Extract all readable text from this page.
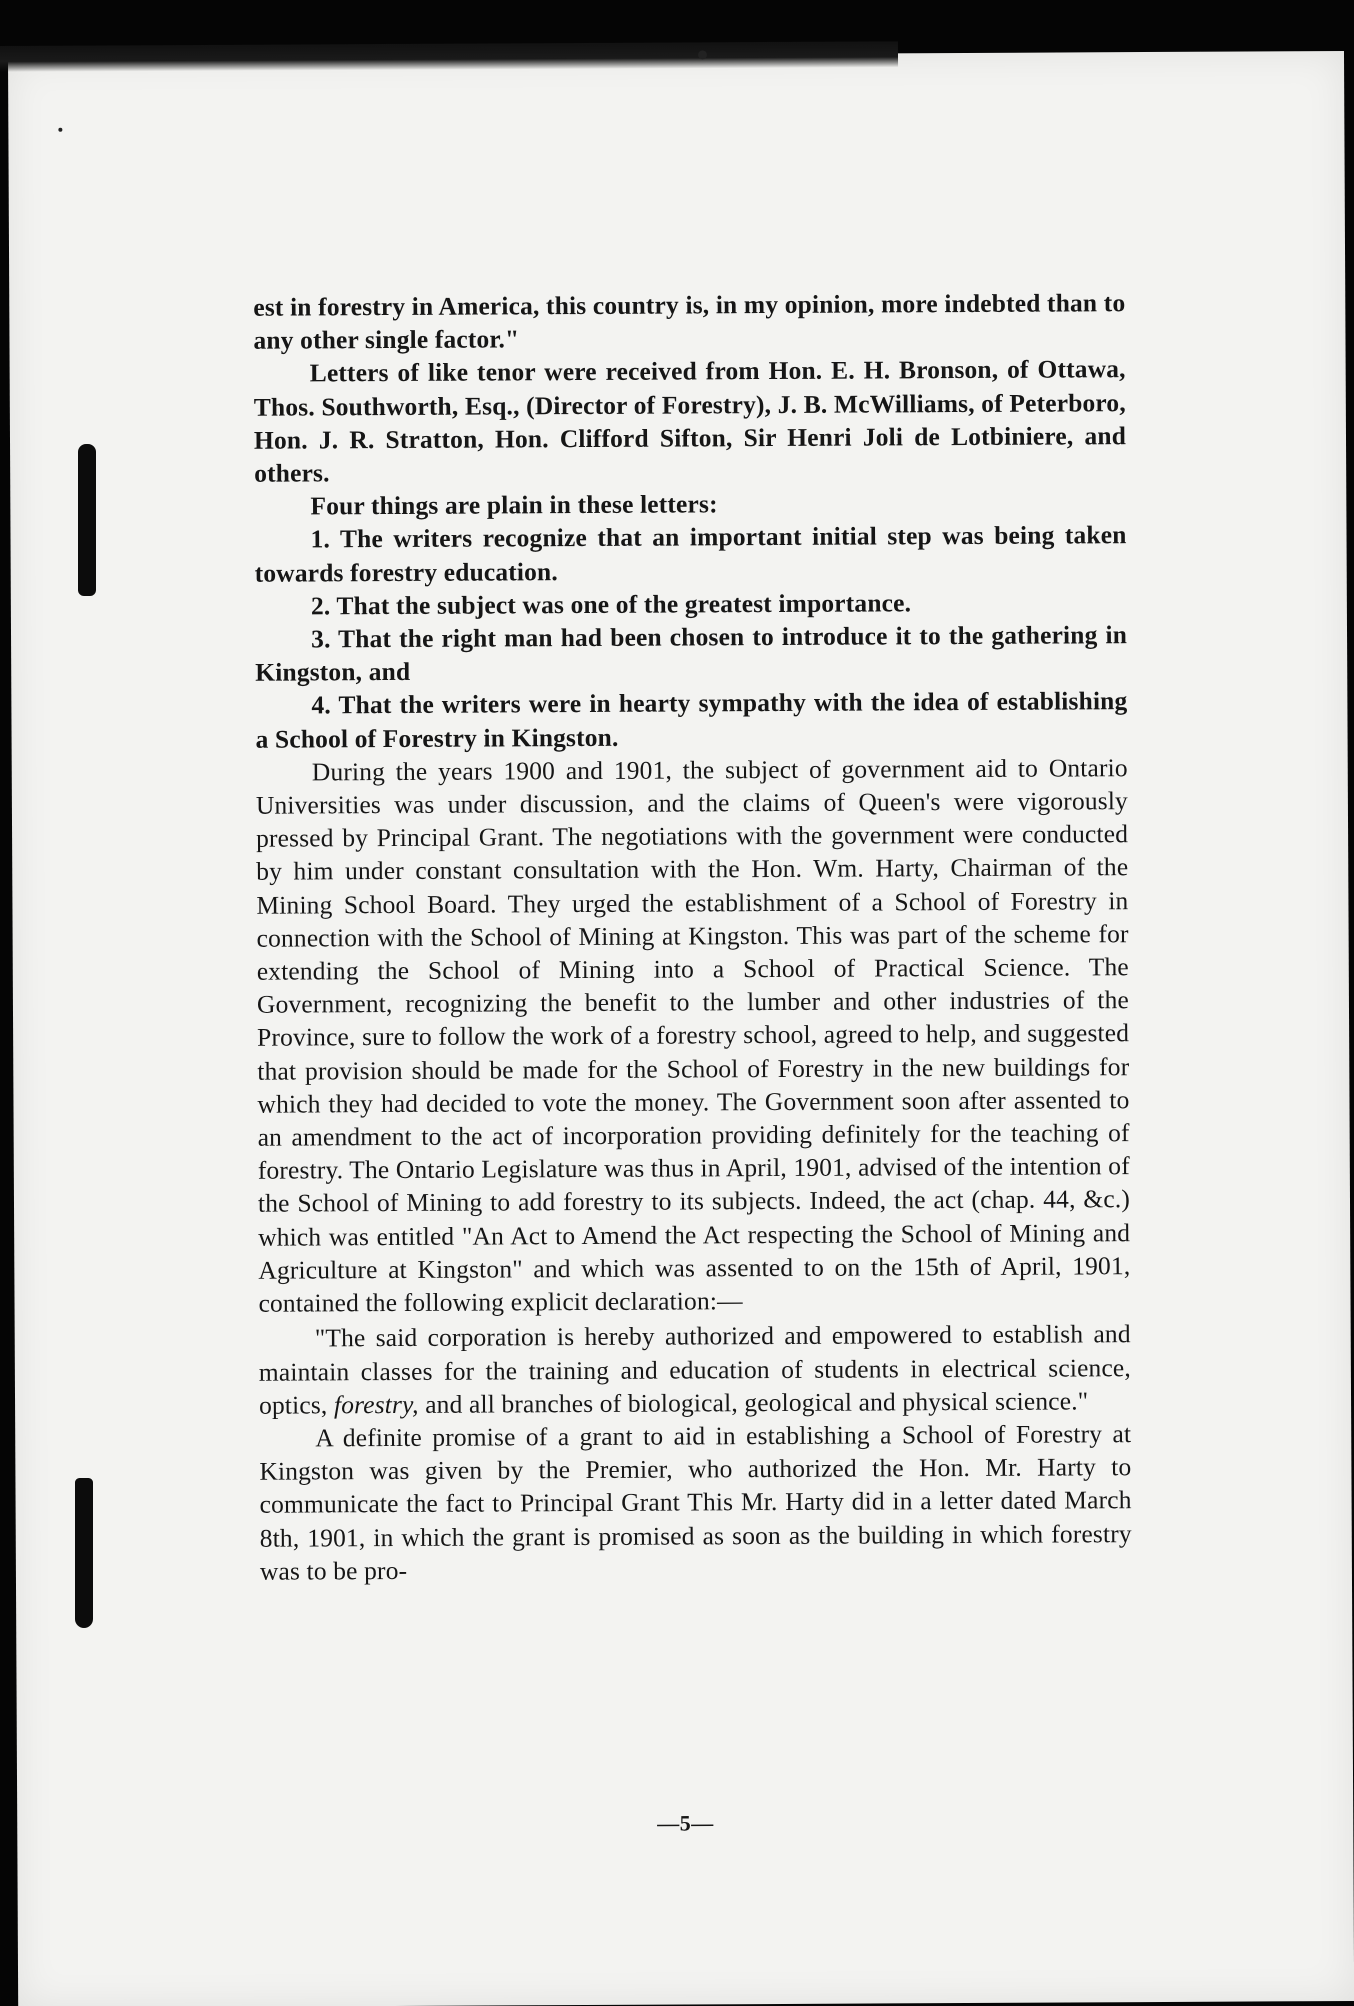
est in forestry in America, this country is, in my opinion, more indebted than to any other single factor."

Letters of like tenor were received from Hon. E. H. Bronson, of Ottawa, Thos. Southworth, Esq., (Director of Forestry), J. B. McWilliams, of Peterboro, Hon. J. R. Stratton, Hon. Clifford Sifton, Sir Henri Joli de Lotbiniere, and others.

Four things are plain in these letters:

1. The writers recognize that an important initial step was being taken towards forestry education.

2. That the subject was one of the greatest importance.

3. That the right man had been chosen to introduce it to the gathering in Kingston, and

4. That the writers were in hearty sympathy with the idea of establishing a School of Forestry in Kingston.

During the years 1900 and 1901, the subject of government aid to Ontario Universities was under discussion, and the claims of Queen's were vigorously pressed by Principal Grant. The negotiations with the government were conducted by him under constant consultation with the Hon. Wm. Harty, Chairman of the Mining School Board. They urged the establishment of a School of Forestry in connection with the School of Mining at Kingston. This was part of the scheme for extending the School of Mining into a School of Practical Science. The Government, recognizing the benefit to the lumber and other industries of the Province, sure to follow the work of a forestry school, agreed to help, and suggested that provision should be made for the School of Forestry in the new buildings for which they had decided to vote the money. The Government soon after assented to an amendment to the act of incorporation providing definitely for the teaching of forestry. The Ontario Legislature was thus in April, 1901, advised of the intention of the School of Mining to add forestry to its subjects. Indeed, the act (chap. 44, &c.) which was entitled "An Act to Amend the Act respecting the School of Mining and Agriculture at Kingston" and which was assented to on the 15th of April, 1901, contained the following explicit declaration:—

"The said corporation is hereby authorized and empowered to establish and maintain classes for the training and education of students in electrical science, optics, forestry, and all branches of biological, geological and physical science."

A definite promise of a grant to aid in establishing a School of Forestry at Kingston was given by the Premier, who authorized the Hon. Mr. Harty to communicate the fact to Principal Grant This Mr. Harty did in a letter dated March 8th, 1901, in which the grant is promised as soon as the building in which forestry was to be pro-

—5—
